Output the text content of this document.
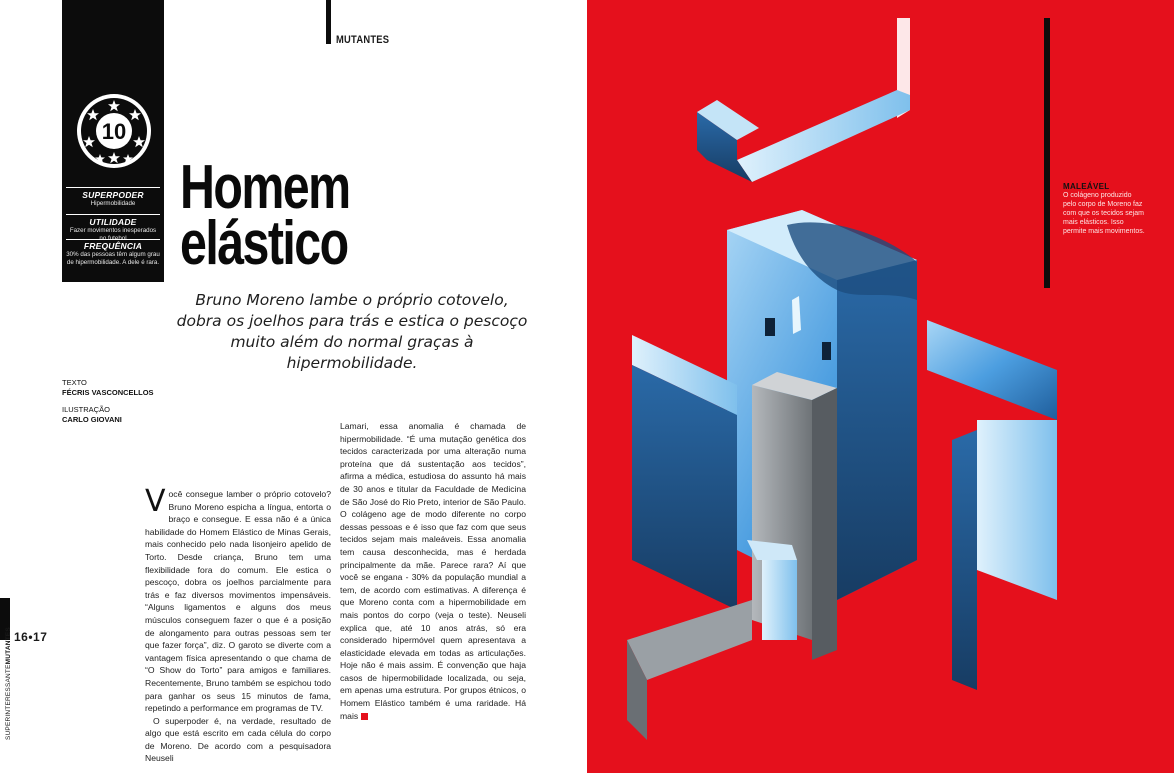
10
SUPERPODER
Hipermobilidade
UTILIDADE
Fazer movimentos inesperados
FREQUÊNCIA
30% das pessoas têm algum grau de hipermobilidade. A dele é rara.
MUTANTES
Homem
elástico
Bruno Moreno lambe o próprio cotovelo, dobra os joelhos para trás e estica o pescoço muito além do normal graças à hipermobilidade.
TEXTO
FÉCRIS VASCONCELLOS
ILUSTRAÇÃO
CARLO GIOVANI

Você consegue lamber o próprio cotovelo? Bruno Moreno espicha a língua, entorta o braço e consegue. E essa não é a única habilidade do Homem Elástico de Minas Gerais, mais conhecido pelo nada lisonjeiro apelido de Torto. Desde criança, Bruno tem uma flexibilidade fora do comum. Ele estica o pescoço, dobra os joelhos parcialmente para trás e faz diversos movimentos impensáveis. “Alguns ligamentos e alguns dos meus músculos conseguem fazer o que é a posição de alongamento para outras pessoas sem ter que fazer força”, diz. O garoto se diverte com a vantagem física apresentando o que chama de “O Show do Torto” para amigos e familiares. Recentemente, Bruno também se espichou todo para ganhar os seus 15 minutos de fama, repetindo a performance em programas de TV.

O superpoder é, na verdade, resultado de algo que está escrito em cada célula do corpo de Moreno. De acordo com a pesquisadora Neuseli

Lamari, essa anomalia é chamada de hipermobilidade. “É uma mutação genética dos tecidos caracterizada por uma alteração numa proteína que dá sustentação aos tecidos”, afirma a médica, estudiosa do assunto há mais de 30 anos e titular da Faculdade de Medicina de São José do Rio Preto, interior de São Paulo. O colágeno age de modo diferente no corpo dessas pessoas e é isso que faz com que seus tecidos sejam mais maleáveis. Essa anomalia tem causa desconhecida, mas é herdada principalmente da mãe. Parece rara? Aí que você se engana - 30% da população mundial a tem, de acordo com estimativas. A diferença é que Moreno conta com a hipermobilidade em mais pontos do corpo (veja o teste). Neuseli explica que, até 10 anos atrás, só era considerado hipermóvel quem apresentava a elasticidade elevada em todas as articulações. Hoje não é mais assim. É convenção que haja casos de hipermobilidade localizada, ou seja, em apenas uma estrutura. Por grupos étnicos, o Homem Elástico também é uma raridade. Há mais

16•17
SUPERINTERESSANTEMUTANTES
MALEÁVEL
O colágeno produzido pelo corpo de Moreno faz com que os tecidos sejam mais elásticos. Isso permite mais movimentos.
